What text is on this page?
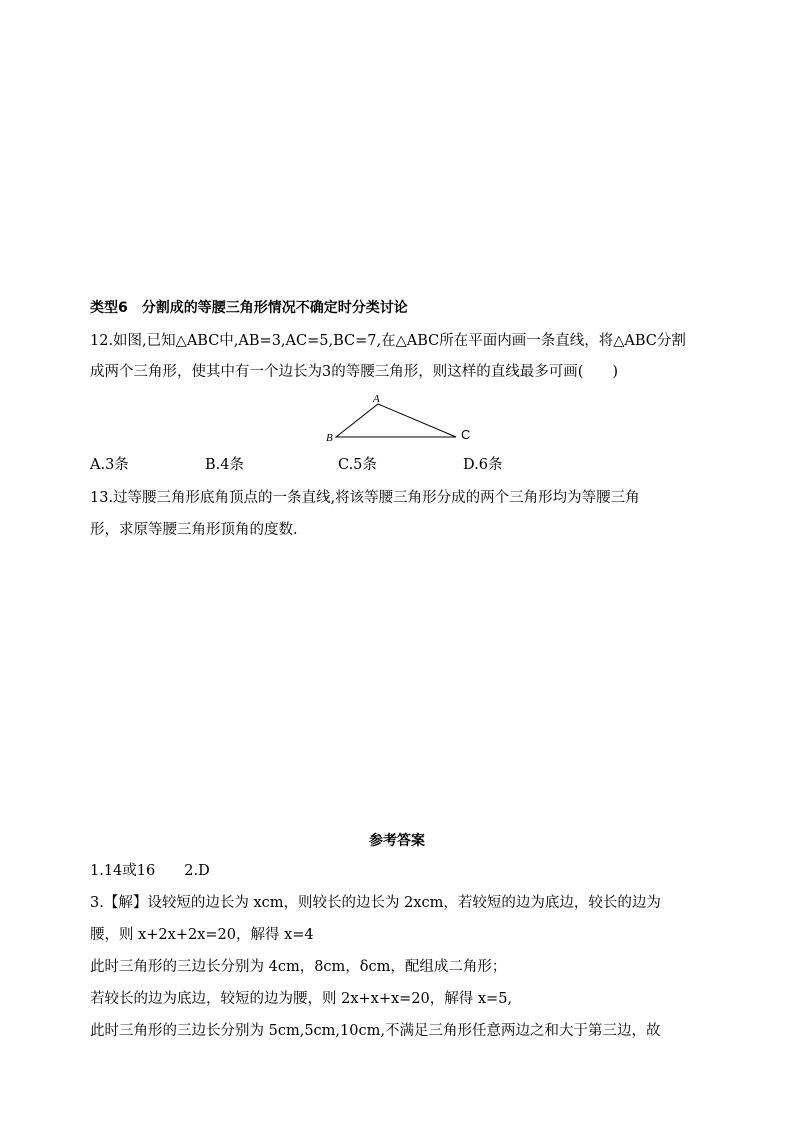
类型6　分割成的等腰三角形情况不确定时分类讨论
12.如图,已知△ABC中,AB=3,AC=5,BC=7,在△ABC所在平面内画一条直线，将△ABC分割
成两个三角形，使其中有一个边长为3的等腰三角形，则这样的直线最多可画(　　)
A
B	C
A.3条	B.4条	C.5条	D.6条
13.过等腰三角形底角顶点的一条直线,将该等腰三角形分成的两个三角形均为等腰三角
形，求原等腰三角形顶角的度数.
参考答案
1.14或16　　2.D
3.【解】设较短的边长为 xcm，则较长的边长为 2xcm，若较短的边为底边，较长的边为
腰，则 x+2x+2x=20，解得 x=4
此时三角形的三边长分别为 4cm，8cm，δcm，配组成二角形；
若较长的边为底边，较短的边为腰，则 2x+x+x=20，解得 x=5,
此时三角形的三边长分别为 5cm,5cm,10cm,不满足三角形任意两边之和大于第三边，故
